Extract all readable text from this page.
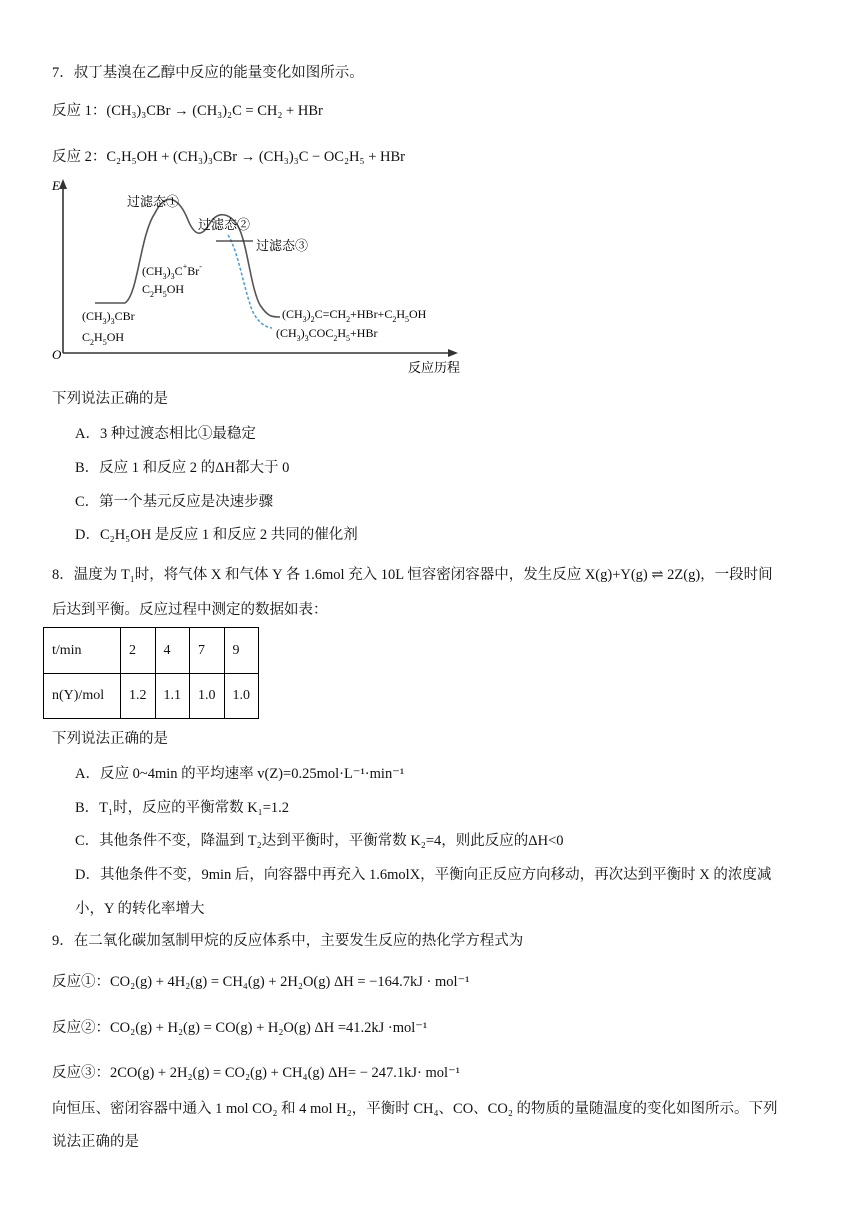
7．叔丁基溴在乙醇中反应的能量变化如图所示。
反应 1：(CH₃)₃CBr → (CH₃)₂C = CH₂ + HBr
反应 2：C₂H₅OH + (CH₃)₃CBr → (CH₃)₃C − OC₂H₅ + HBr
E
O
反应历程
过滤态①
过滤态②
过滤态③
$(CH_3)_3C^+Br^-$
$C_2H_5OH$
$(CH_3)_3CBr$
$C_2H_5OH$
$(CH_3)_2C=CH_2+HBr+C_2H_5OH$
$(CH_3)_3COC_2H_5+HBr$
下列说法正确的是
A．3 种过渡态相比①最稳定
B．反应 1 和反应 2 的ΔH都大于 0
C．第一个基元反应是决速步骤
D．C₂H₅OH 是反应 1 和反应 2 共同的催化剂
8．温度为 T₁时，将气体 X 和气体 Y 各 1.6mol 充入 10L 恒容密闭容器中，发生反应 X(g)+Y(g) ⇌ 2Z(g)，一段时间
后达到平衡。反应过程中测定的数据如表：
t/min	2	4	7	9
n(Y)/mol	1.2	1.1	1.0	1.0
下列说法正确的是
A．反应 0~4min 的平均速率 v(Z)=0.25mol·L⁻¹·min⁻¹
B．T₁时，反应的平衡常数 K₁=1.2
C．其他条件不变，降温到 T₂达到平衡时，平衡常数 K₂=4，则此反应的ΔH<0
D．其他条件不变，9min 后，向容器中再充入 1.6molX，平衡向正反应方向移动，再次达到平衡时 X 的浓度减
小，Y 的转化率增大
9．在二氧化碳加氢制甲烷的反应体系中，主要发生反应的热化学方程式为
反应①：CO₂(g) + 4H₂(g) = CH₄(g) + 2H₂O(g) ΔH = −164.7kJ · mol⁻¹
反应②：CO₂(g) + H₂(g) = CO(g) + H₂O(g) ΔH =41.2kJ ·mol⁻¹
反应③：2CO(g) + 2H₂(g) = CO₂(g) + CH₄(g) ΔH= − 247.1kJ· mol⁻¹
向恒压、密闭容器中通入 1 mol CO₂ 和 4 mol H₂，平衡时 CH₄、CO、CO₂ 的物质的量随温度的变化如图所示。下列
说法正确的是
